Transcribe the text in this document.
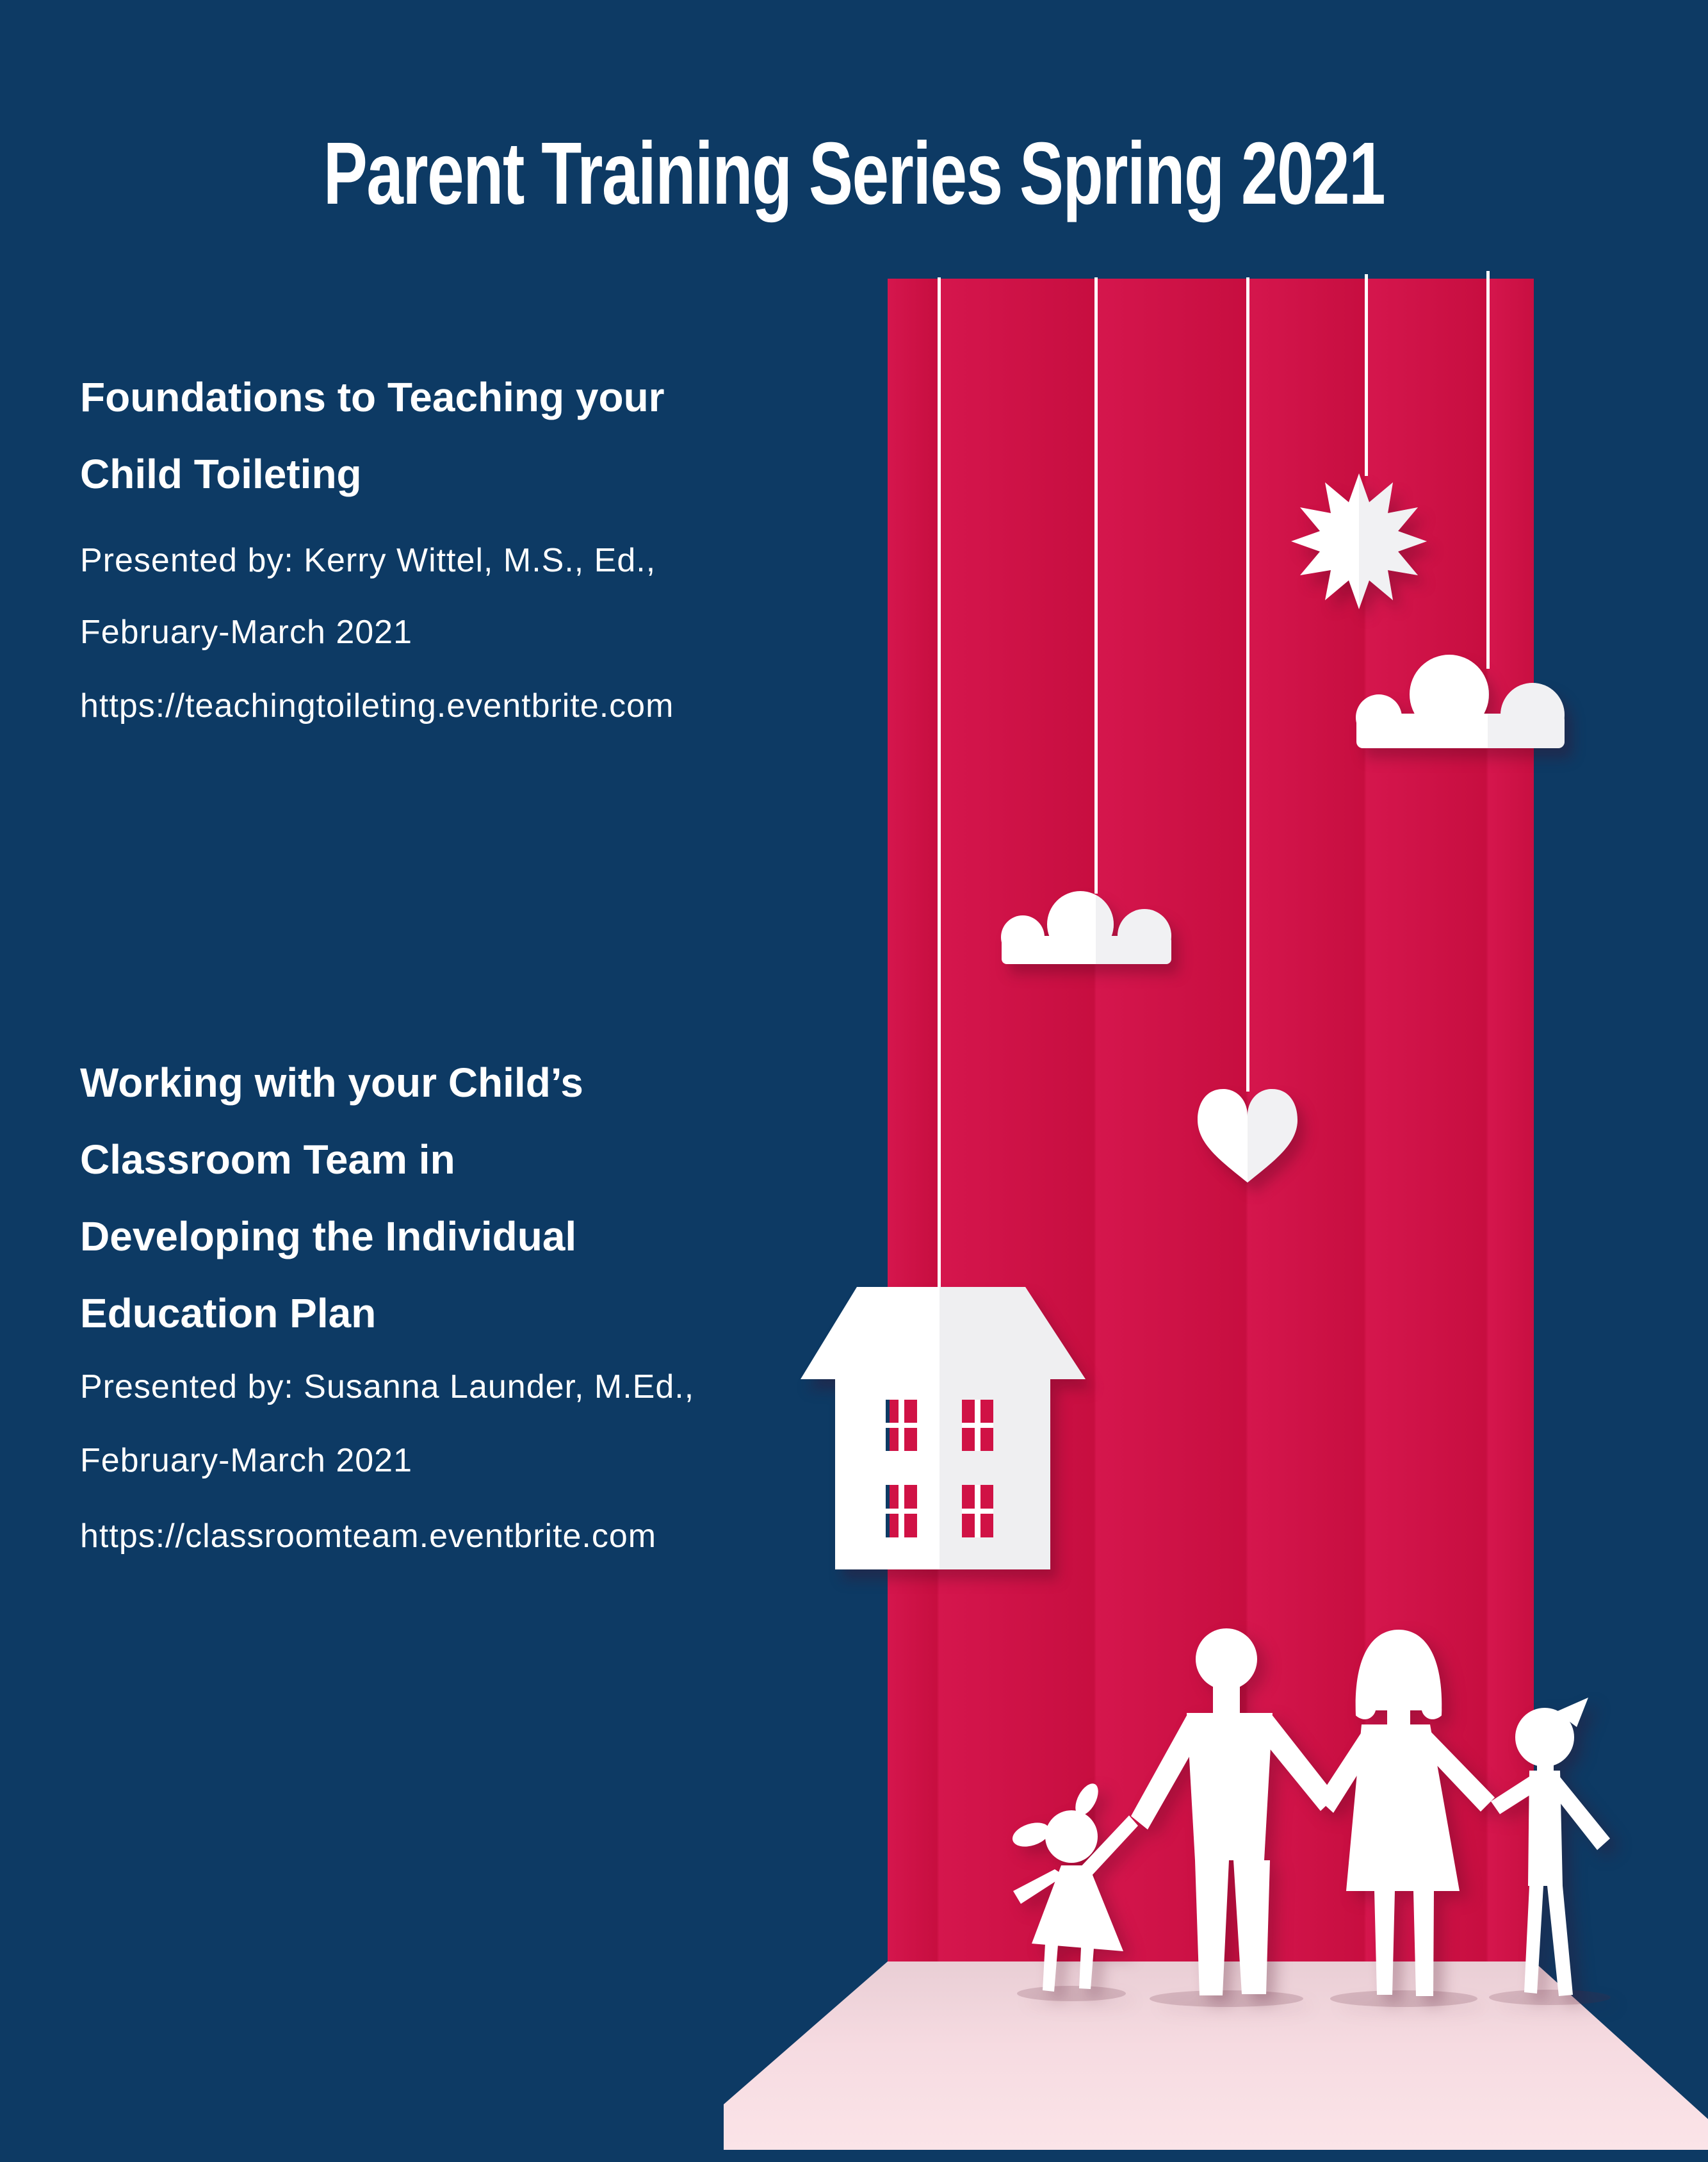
Parent Training Series Spring 2021
Foundations to Teaching your
Child Toileting

Presented by: Kerry Wittel, M.S., Ed.,

February-March 2021

https://teachingtoileting.eventbrite.com

Working with your Child’s
Classroom Team in
Developing the Individual
Education Plan

Presented by: Susanna Launder, M.Ed.,

February-March 2021

https://classroomteam.eventbrite.com
